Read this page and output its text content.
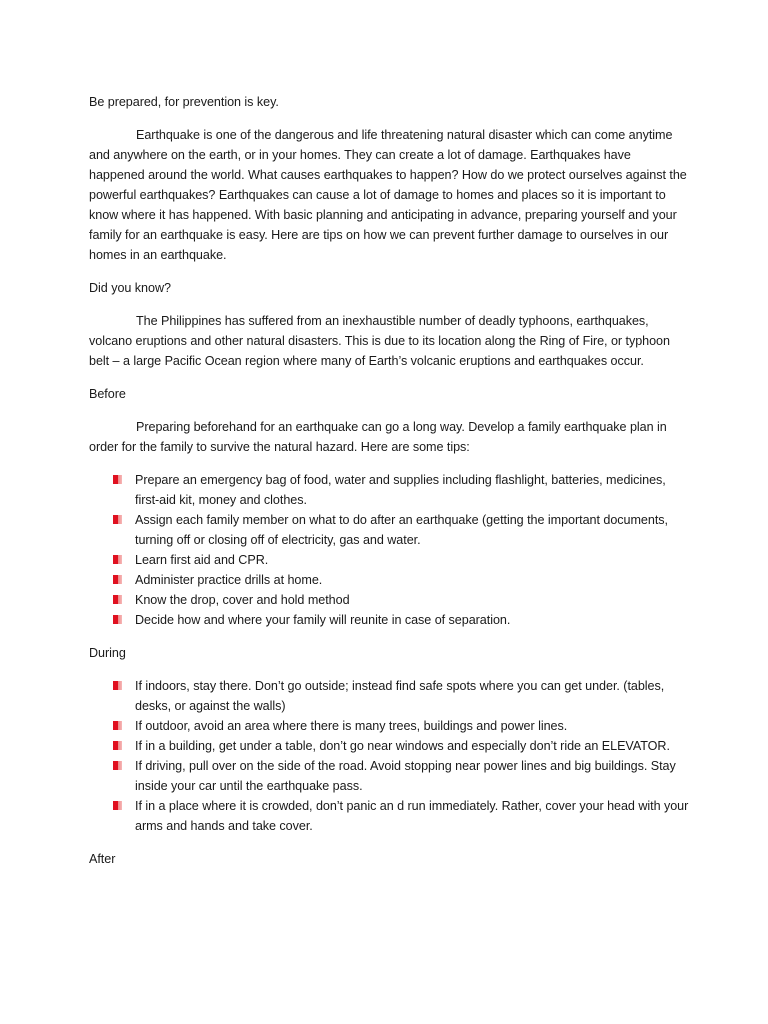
Be prepared, for prevention is key.

Earthquake is one of the dangerous and life threatening natural disaster which can come anytime and anywhere on the earth, or in your homes. They can create a lot of damage. Earthquakes have happened around the world. What causes earthquakes to happen? How do we protect ourselves against the powerful earthquakes? Earthquakes can cause a lot of damage to homes and places so it is important to know where it has happened. With basic planning and anticipating in advance, preparing yourself and your family for an earthquake is easy. Here are tips on how we can prevent further damage to ourselves in our homes in an earthquake.

Did you know?

The Philippines has suffered from an inexhaustible number of deadly typhoons, earthquakes, volcano eruptions and other natural disasters. This is due to its location along the Ring of Fire, or typhoon belt – a large Pacific Ocean region where many of Earth’s volcanic eruptions and earthquakes occur.

Before

Preparing beforehand for an earthquake can go a long way. Develop a family earthquake plan in order for the family to survive the natural hazard. Here are some tips:

Prepare an emergency bag of food, water and supplies including flashlight, batteries, medicines, first-aid kit, money and clothes.
Assign each family member on what to do after an earthquake (getting the important documents, turning off or closing off of electricity, gas and water.
Learn first aid and CPR.
Administer practice drills at home.
Know the drop, cover and hold method
Decide how and where your family will reunite in case of separation.

During

If indoors, stay there. Don’t go outside; instead find safe spots where you can get under. (tables, desks, or against the walls)
If outdoor, avoid an area where there is many trees, buildings and power lines.
If in a building, get under a table, don’t go near windows and especially don’t ride an ELEVATOR.
If driving, pull over on the side of the road. Avoid stopping near power lines and big buildings. Stay inside your car until the earthquake pass.
If in a place where it is crowded, don’t panic an d run immediately. Rather, cover your head with your arms and hands and take cover.

After
